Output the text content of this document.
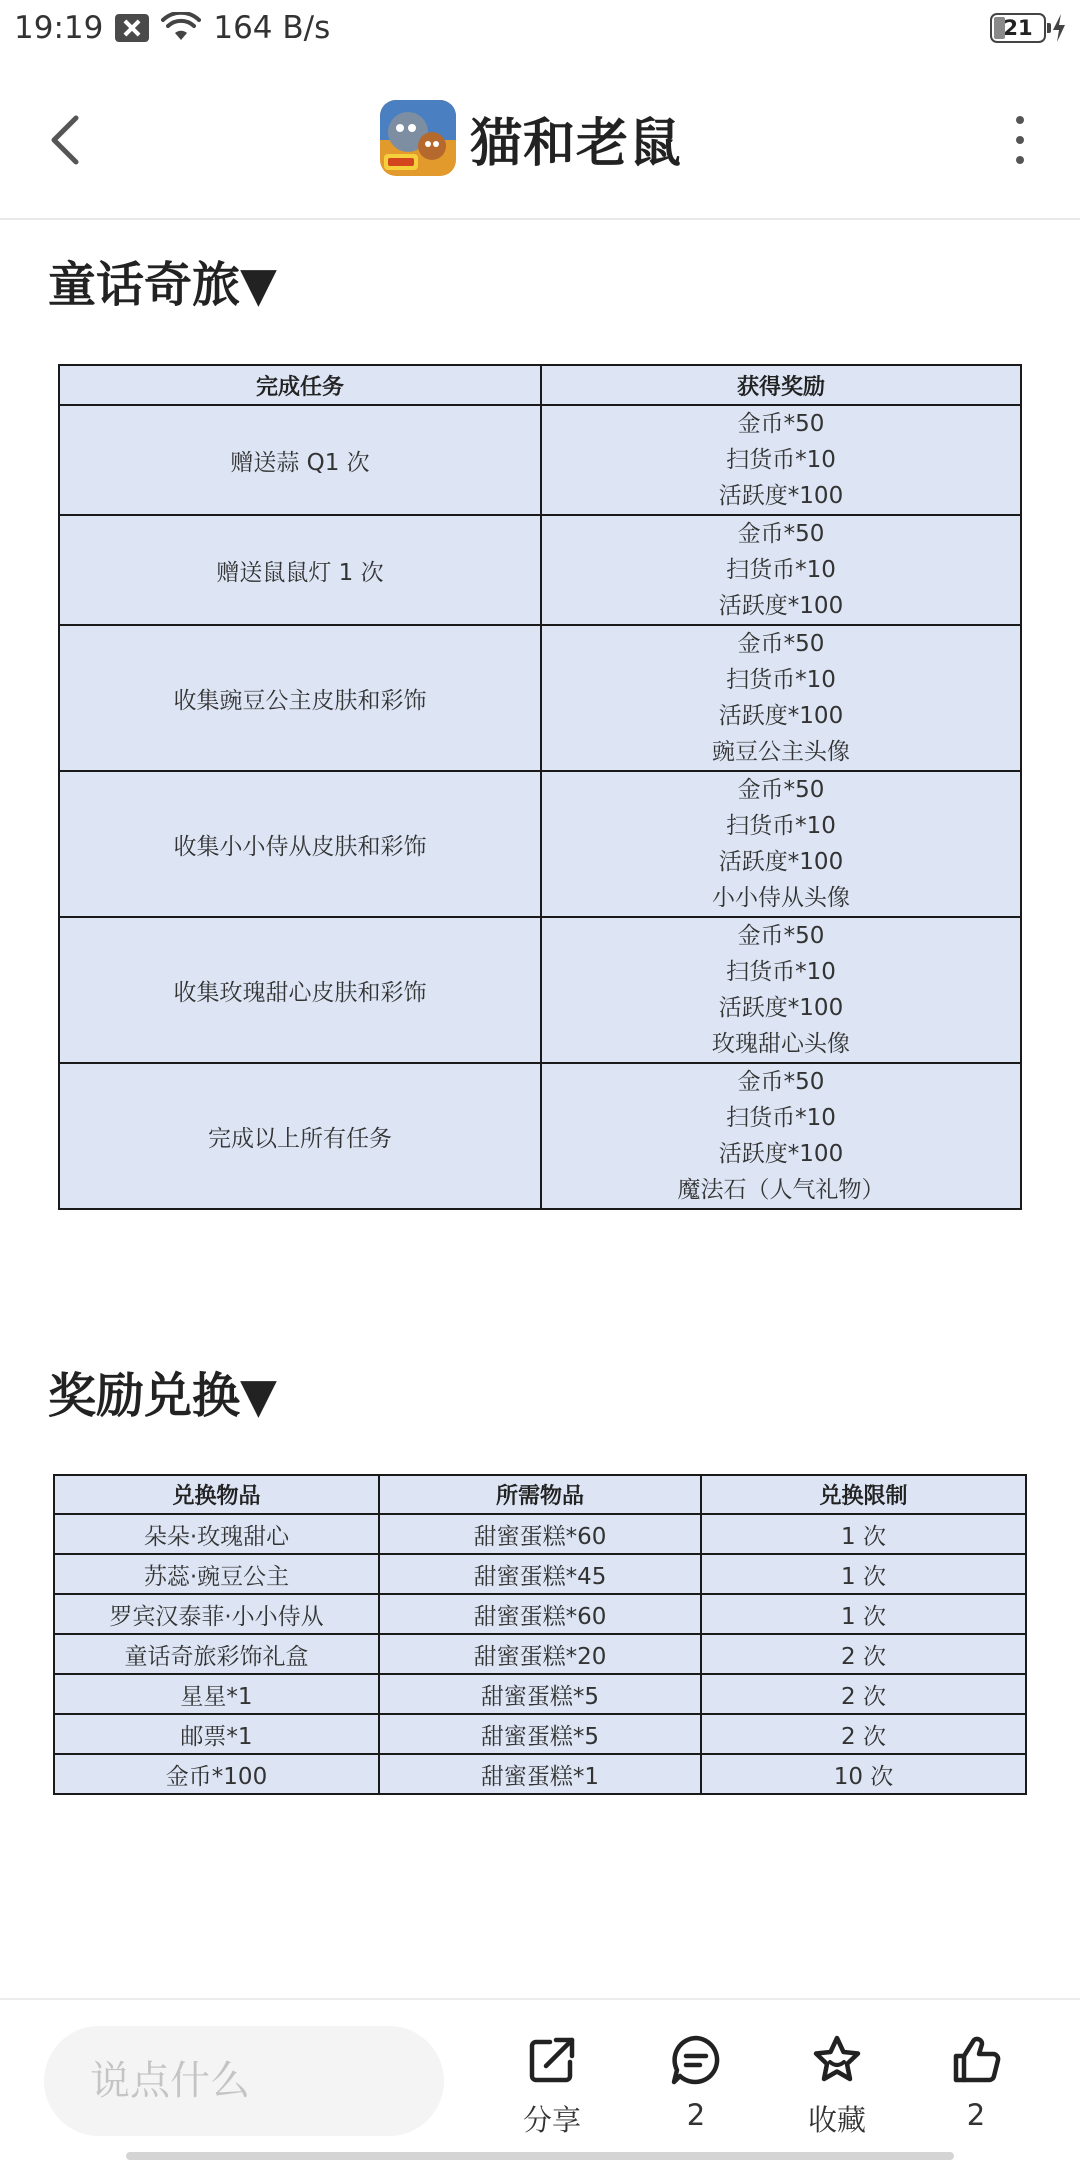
19:19	164 B/s	21
猫和老鼠
童话奇旅▼
完成任务	获得奖励
赠送蒜 Q1 次	金币*50
扫货币*10
活跃度*100

赠送鼠鼠灯 1 次	金币*50
扫货币*10
活跃度*100

收集豌豆公主皮肤和彩饰	金币*50
扫货币*10
活跃度*100
豌豆公主头像

收集小小侍从皮肤和彩饰	金币*50
扫货币*10
活跃度*100
小小侍从头像

收集玫瑰甜心皮肤和彩饰	金币*50
扫货币*10
活跃度*100
玫瑰甜心头像

完成以上所有任务	金币*50
扫货币*10
活跃度*100
魔法石（人气礼物）
奖励兑换▼
兑换物品	所需物品	兑换限制
朵朵·玫瑰甜心	甜蜜蛋糕*60	1 次
苏蕊·豌豆公主	甜蜜蛋糕*45	1 次
罗宾汉泰菲·小小侍从	甜蜜蛋糕*60	1 次
童话奇旅彩饰礼盒	甜蜜蛋糕*20	2 次
星星*1	甜蜜蛋糕*5	2 次
邮票*1	甜蜜蛋糕*5	2 次
金币*100	甜蜜蛋糕*1	10 次
说点什么
分享	2	收藏	2
